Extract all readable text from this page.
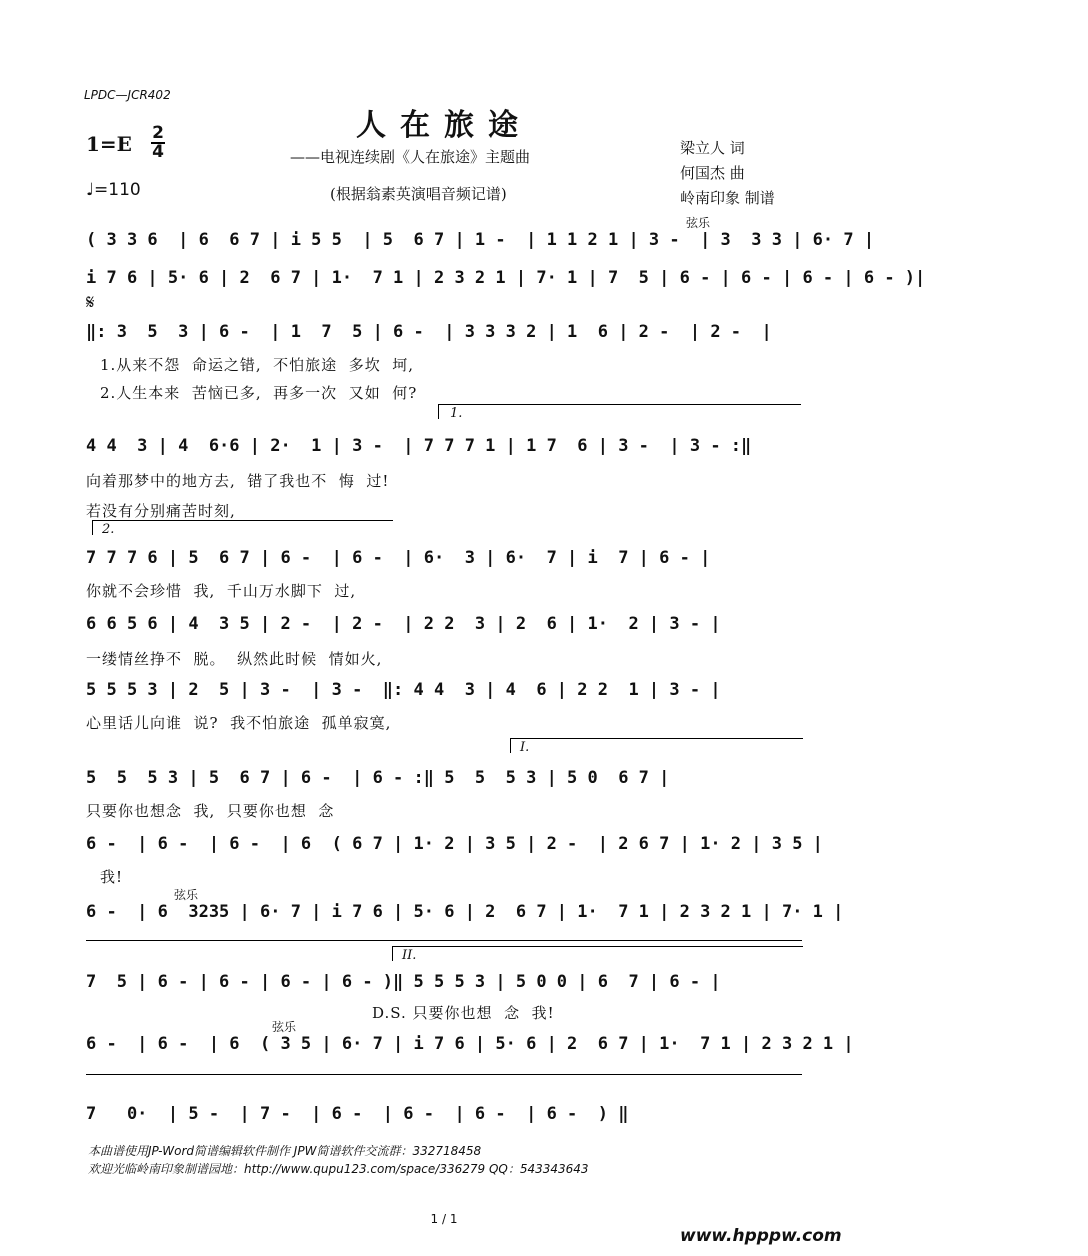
LPDC—JCR402
人在旅途
——电视连续剧《人在旅途》主题曲
(根据翁素英演唱音频记谱)
梁立人 词
何国杰 曲
岭南印象 制谱
1=E 2
4
♩=110
弦乐
( 3 3 6  | 6  6 7 | i 5 5  | 5  6 7 | 1 -  | 1 1 2 1 | 3 -  | 3  3 3 | 6· 7 |
i 7 6 | 5· 6 | 2  6 7 | 1·  7 1 | 2 3 2 1 | 7· 1 | 7  5 | 6 - | 6 - | 6 - | 6 - )|
𝄋
‖: 3  5  3 | 6 -  | 1  7  5 | 6 -  | 3 3 3 2 | 1  6 | 2 -  | 2 -  |
1.从来不怨  命运之错,  不怕旅途  多坎  坷,
2.人生本来  苦恼已多,  再多一次  又如  何?
1.
4 4  3 | 4  6·6 | 2·  1 | 3 -  | 7 7 7 1 | 1 7  6 | 3 -  | 3 - :‖
向着那梦中的地方去,  错了我也不  悔  过!
若没有分别痛苦时刻,
2.
7 7 7 6 | 5  6 7 | 6 -  | 6 -  | 6·  3 | 6·  7 | i  7 | 6 - |
你就不会珍惜  我,  千山万水脚下  过,
6 6 5 6 | 4  3 5 | 2 -  | 2 -  | 2 2  3 | 2  6 | 1·  2 | 3 - |
一缕情丝挣不  脱。  纵然此时候  情如火,
5 5 5 3 | 2  5 | 3 -  | 3 -  ‖: 4 4  3 | 4  6 | 2 2  1 | 3 - |
心里话儿向谁  说?  我不怕旅途  孤单寂寞,
I.
5  5  5 3 | 5  6 7 | 6 -  | 6 - :‖ 5  5  5 3 | 5 0  6 7 |
只要你也想念  我,  只要你也想  念
6 -  | 6 -  | 6 -  | 6  ( 6 7 | 1· 2 | 3 5 | 2 -  | 2 6 7 | 1· 2 | 3 5 |
我!
弦乐
6 -  | 6  3235 | 6· 7 | i 7 6 | 5· 6 | 2  6 7 | 1·  7 1 | 2 3 2 1 | 7· 1 |
II.
7  5 | 6 - | 6 - | 6 - | 6 - )‖ 5 5 5 3 | 5 0 0 | 6  7 | 6 - |
D.S. 只要你也想  念  我!
弦乐
6 -  | 6 -  | 6  ( 3 5 | 6· 7 | i 7 6 | 5· 6 | 2  6 7 | 1·  7 1 | 2 3 2 1 |
7   0·  | 5 -  | 7 -  | 6 -  | 6 -  | 6 -  | 6 -  ) ‖
本曲谱使用JP-Word简谱编辑软件制作 JPW简谱软件交流群：332718458
欢迎光临岭南印象制谱园地：http://www.qupu123.com/space/336279 QQ：543343643
1 / 1
www.hpppw.com
